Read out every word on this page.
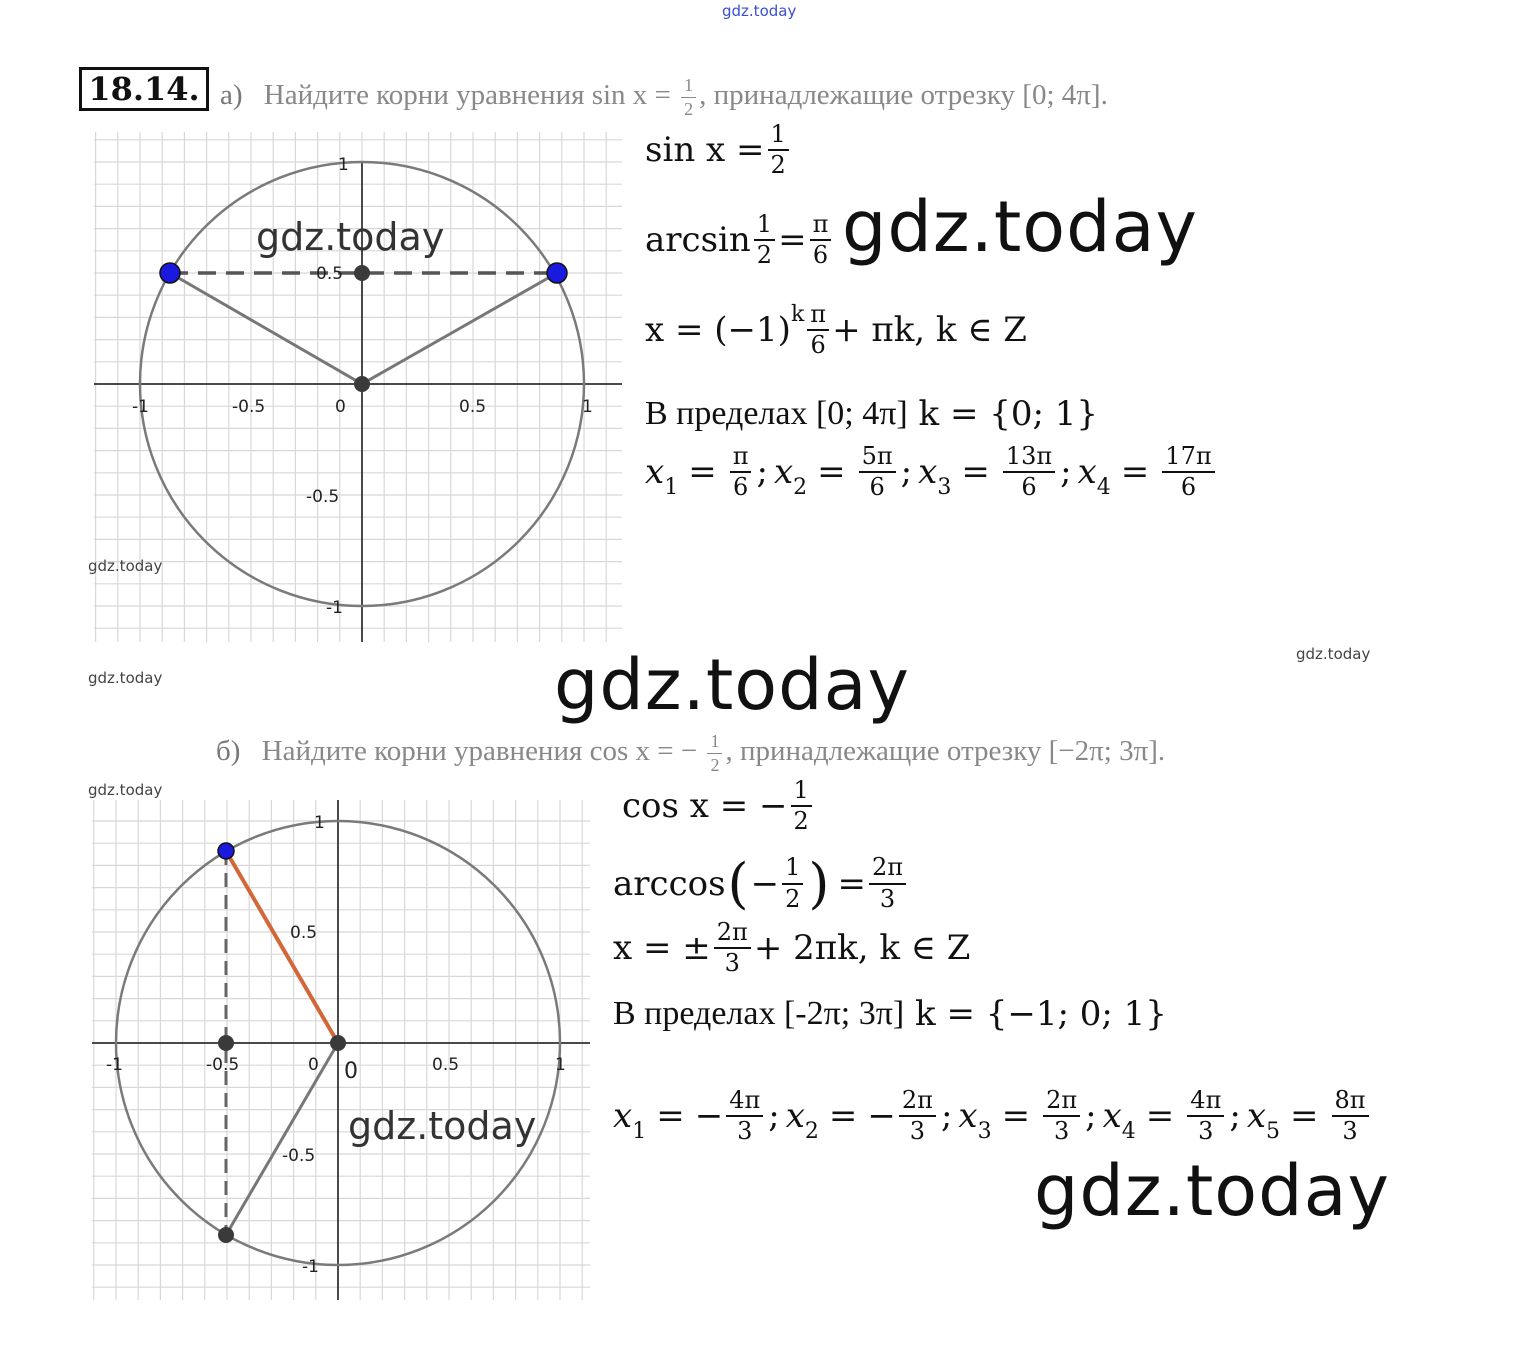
gdz.today
18.14. а) Найдите корни уравнения $\sin x = \frac{1}{2}$ , принадлежащие отрезку [0; 4π].
-1	-0.5	0	0.5	1
1
0.5
-0.5
-1
gdz.today
gdz.today
gdz.today
gdz.today
$\sin x = \frac{1}{2}$
$\arcsin \frac{1}{2} = \frac{\pi}{6}$ gdz.today
$x = (-1)^k \frac{\pi}{6} + \pi k$, k ∈ Z
В пределах [0; 4π]
k = {0; 1}
$x_1 = \frac{\pi}{6}$ ; $x_2 = \frac{5\pi}{6}$ ; $x_3 = \frac{13\pi}{6}$ ; $x_4 = \frac{17\pi}{6}$
gdz.today
б) Найдите корни уравнения cos x = − $\frac{1}{2}$ , принадлежащие отрезку [−2π; 3π].
gdz.today
-1	-0.5	0	0.5	1
1
0.5
-0.5
-1
0
gdz.today
cos x = − $\frac{1}{2}$
arccos ( − $\frac{1}{2}$ ) = $\frac{2\pi}{3}$
x = ± $\frac{2\pi}{3} + 2\pi k$, k ∈ Z
В пределах [-2π; 3π]
k = {−1; 0; 1}
$x_1$ = − $\frac{4\pi}{3}$ ; $x_2$ = − $\frac{2\pi}{3}$ ; $x_3 = \frac{2\pi}{3}$ ; $x_4 = \frac{4\pi}{3}$ ; $x_5 = \frac{8\pi}{3}$
gdz.today
